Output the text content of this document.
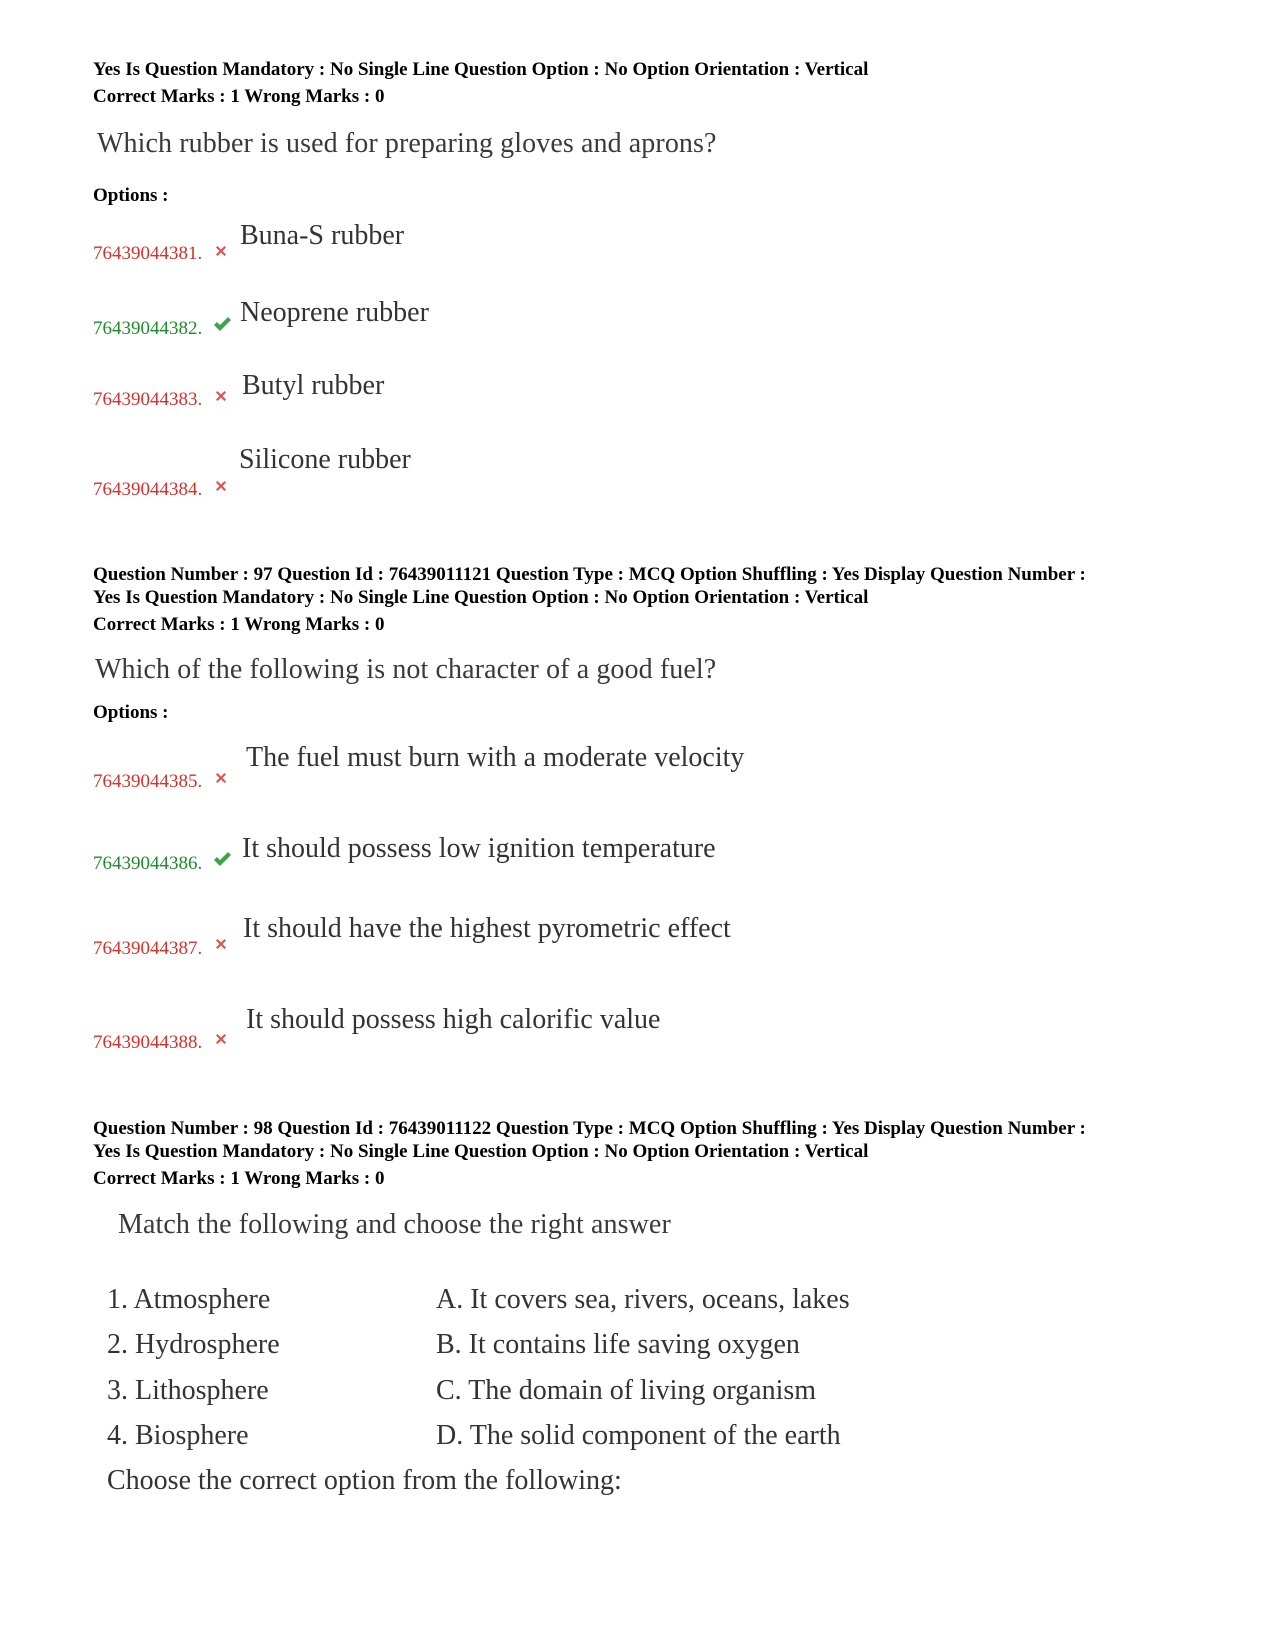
Yes Is Question Mandatory : No Single Line Question Option : No Option Orientation : Vertical
Correct Marks : 1 Wrong Marks : 0
Which rubber is used for preparing gloves and aprons?
Options :
Buna-S rubber
76439044381.
Neoprene rubber
76439044382.
Butyl rubber
76439044383.
Silicone rubber
76439044384.
Question Number : 97 Question Id : 76439011121 Question Type : MCQ Option Shuffling : Yes Display Question Number :
Yes Is Question Mandatory : No Single Line Question Option : No Option Orientation : Vertical
Correct Marks : 1 Wrong Marks : 0
Which of the following is not character of a good fuel?
Options :
The fuel must burn with a moderate velocity
76439044385.
It should possess low ignition temperature
76439044386.
It should have the highest pyrometric effect
76439044387.
It should possess high calorific value
76439044388.
Question Number : 98 Question Id : 76439011122 Question Type : MCQ Option Shuffling : Yes Display Question Number :
Yes Is Question Mandatory : No Single Line Question Option : No Option Orientation : Vertical
Correct Marks : 1 Wrong Marks : 0
Match the following and choose the right answer
1. Atmosphere	A. It covers sea, rivers, oceans, lakes
2. Hydrosphere	B. It contains life saving oxygen
3. Lithosphere	C. The domain of living organism
4. Biosphere	D. The solid component of the earth
Choose the correct option from the following:
